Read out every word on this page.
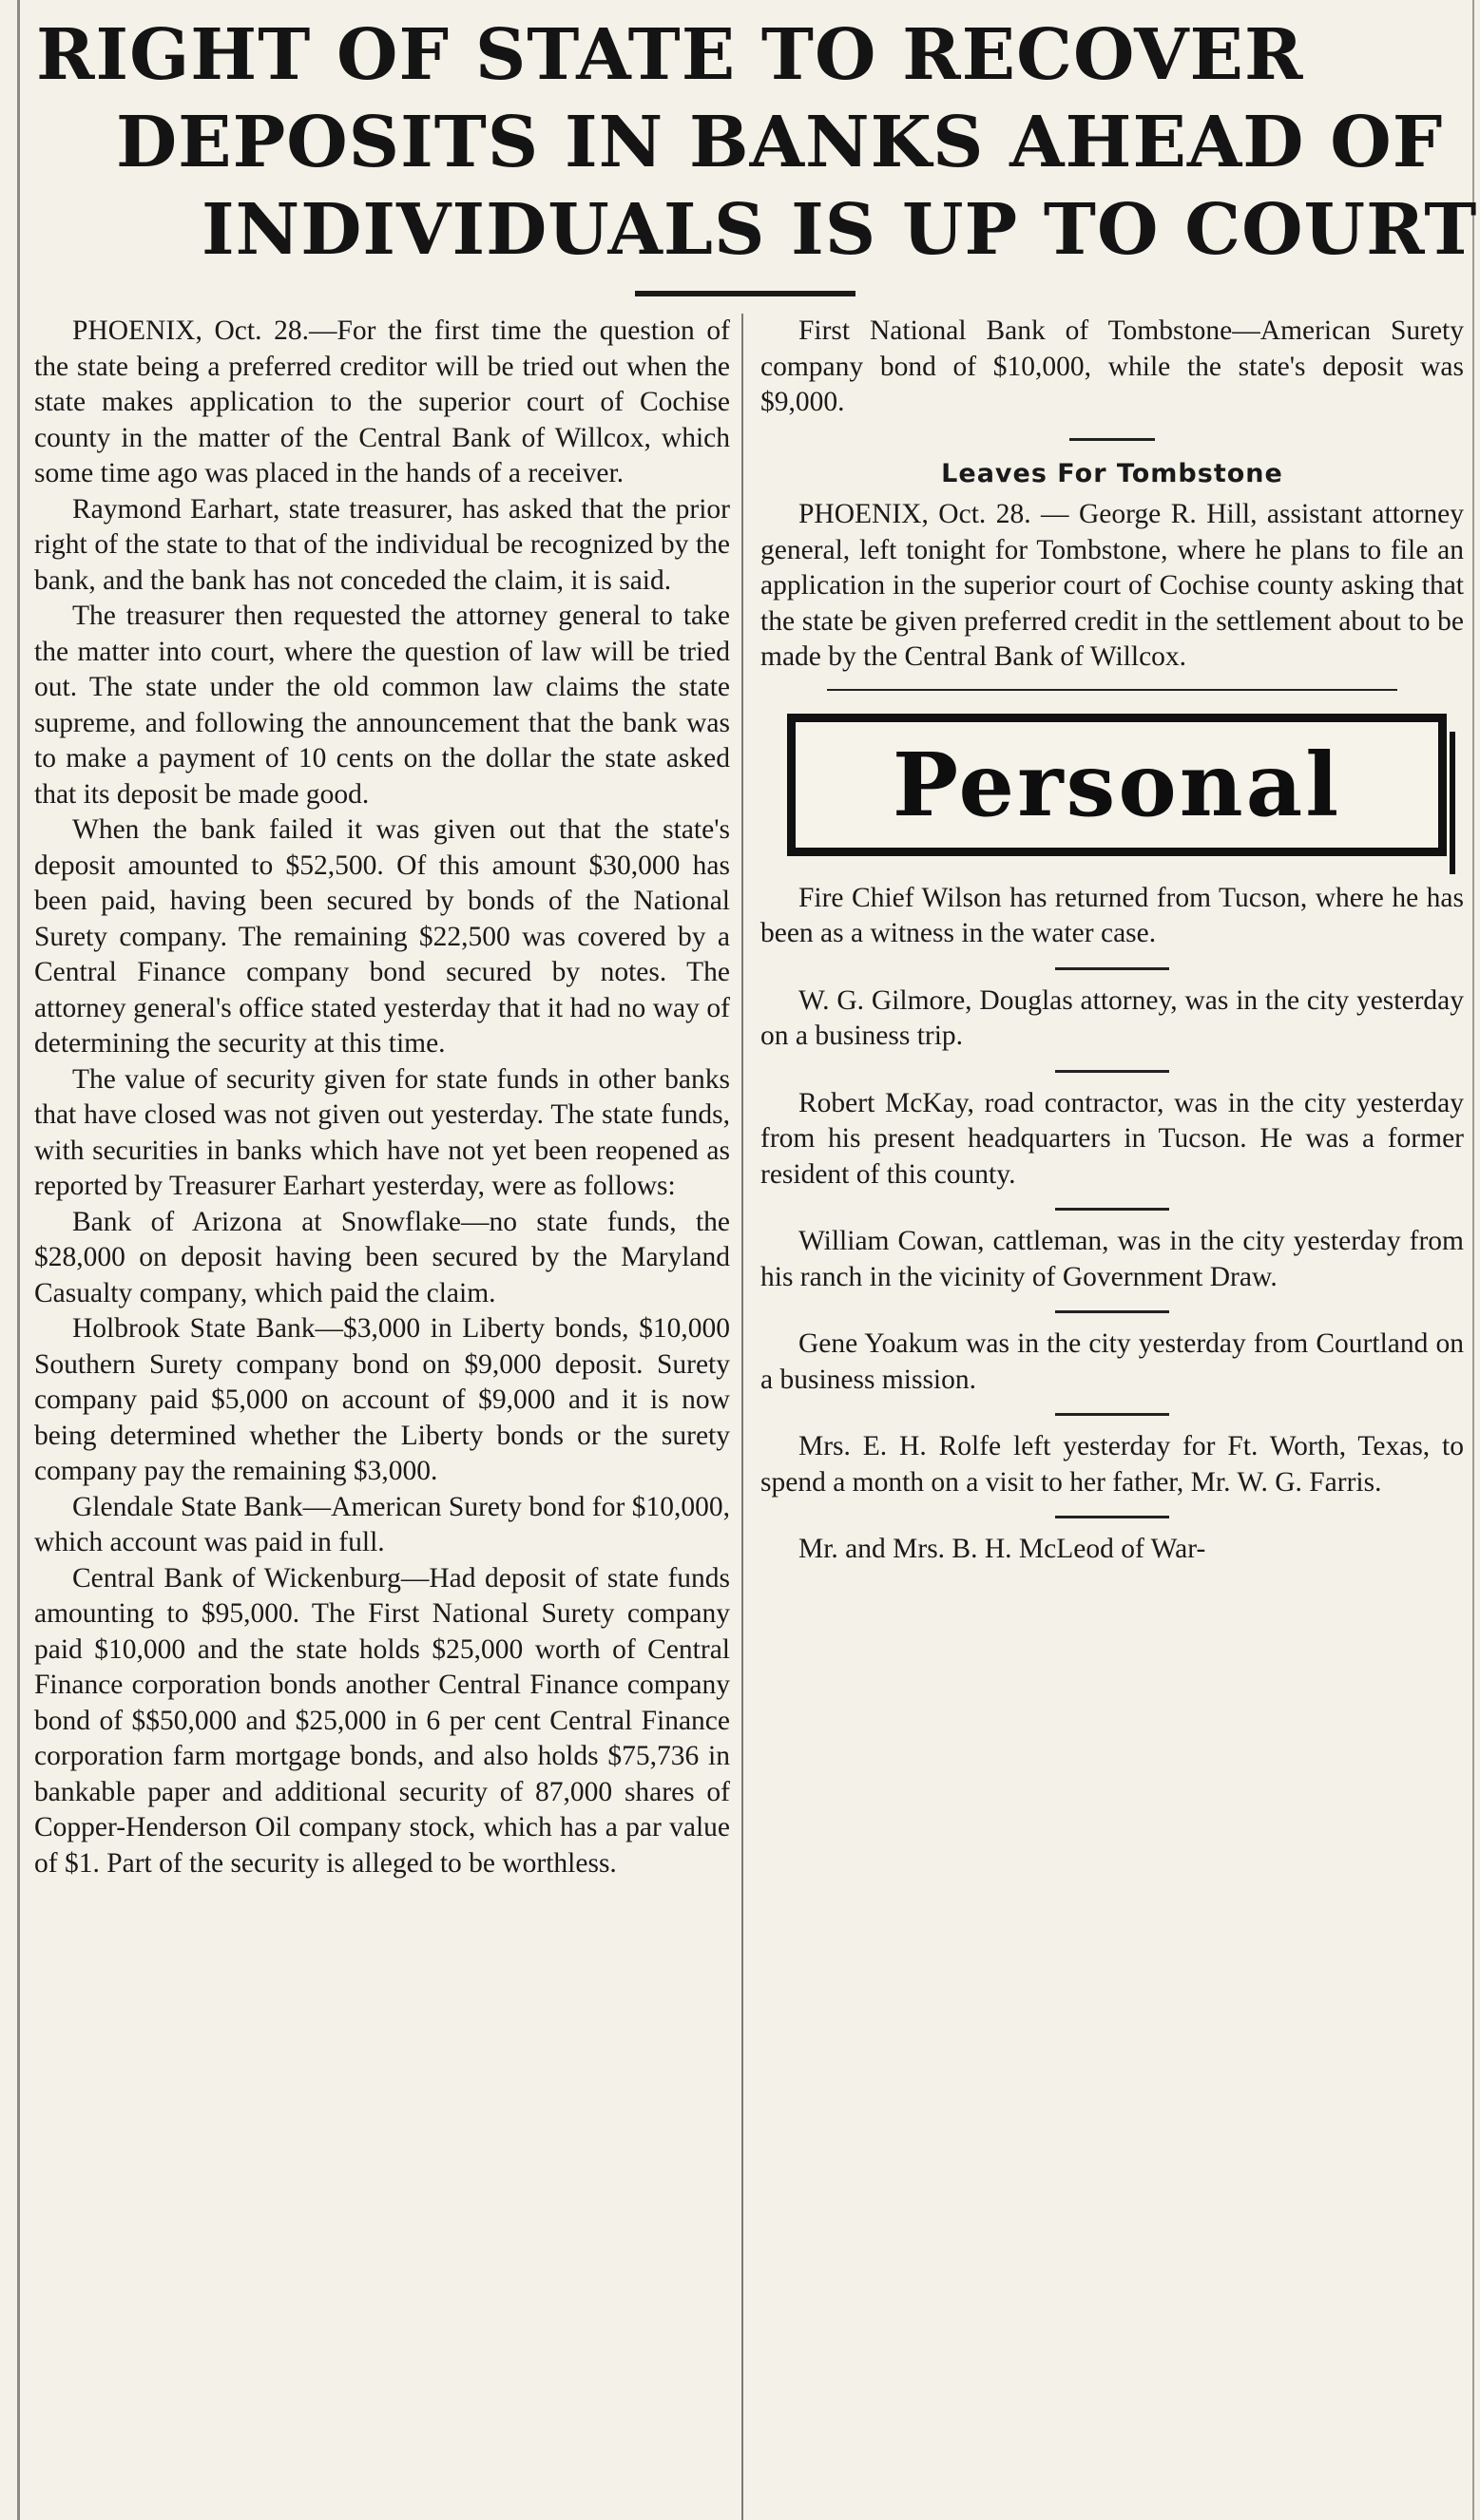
RIGHT OF STATE TO RECOVER
DEPOSITS IN BANKS AHEAD OF
INDIVIDUALS IS UP TO COURT

PHOENIX, Oct. 28.—For the first time the question of the state being a preferred creditor will be tried out when the state makes application to the superior court of Cochise county in the matter of the Central Bank of Willcox, which some time ago was placed in the hands of a receiver.

Raymond Earhart, state treasurer, has asked that the prior right of the state to that of the individual be recognized by the bank, and the bank has not conceded the claim, it is said.

The treasurer then requested the attorney general to take the matter into court, where the question of law will be tried out. The state under the old common law claims the state supreme, and following the announcement that the bank was to make a payment of 10 cents on the dollar the state asked that its deposit be made good.

When the bank failed it was given out that the state's deposit amounted to $52,500. Of this amount $30,000 has been paid, having been secured by bonds of the National Surety company. The remaining $22,500 was covered by a Central Finance company bond secured by notes. The attorney general's office stated yesterday that it had no way of determining the security at this time.

The value of security given for state funds in other banks that have closed was not given out yesterday. The state funds, with securities in banks which have not yet been reopened as reported by Treasurer Earhart yesterday, were as follows:

Bank of Arizona at Snowflake—no state funds, the $28,000 on deposit having been secured by the Maryland Casualty company, which paid the claim.

Holbrook State Bank—$3,000 in Liberty bonds, $10,000 Southern Surety company bond on $9,000 deposit. Surety company paid $5,000 on account of $9,000 and it is now being determined whether the Liberty bonds or the surety company pay the remaining $3,000.

Glendale State Bank—American Surety bond for $10,000, which account was paid in full.

Central Bank of Wickenburg—Had deposit of state funds amounting to $95,000. The First National Surety company paid $10,000 and the state holds $25,000 worth of Central Finance corporation bonds another Central Finance company bond of $$50,000 and $25,000 in 6 per cent Central Finance corporation farm mortgage bonds, and also holds $75,736 in bankable paper and additional security of 87,000 shares of Copper-Henderson Oil company stock, which has a par value of $1. Part of the security is alleged to be worthless.

First National Bank of Tombstone—American Surety company bond of $10,000, while the state's deposit was $9,000.

Leaves For Tombstone

PHOENIX, Oct. 28. — George R. Hill, assistant attorney general, left tonight for Tombstone, where he plans to file an application in the superior court of Cochise county asking that the state be given preferred credit in the settlement about to be made by the Central Bank of Willcox.

Personal

Fire Chief Wilson has returned from Tucson, where he has been as a witness in the water case.

W. G. Gilmore, Douglas attorney, was in the city yesterday on a business trip.

Robert McKay, road contractor, was in the city yesterday from his present headquarters in Tucson. He was a former resident of this county.

William Cowan, cattleman, was in the city yesterday from his ranch in the vicinity of Government Draw.

Gene Yoakum was in the city yesterday from Courtland on a business mission.

Mrs. E. H. Rolfe left yesterday for Ft. Worth, Texas, to spend a month on a visit to her father, Mr. W. G. Farris.

Mr. and Mrs. B. H. McLeod of War-
